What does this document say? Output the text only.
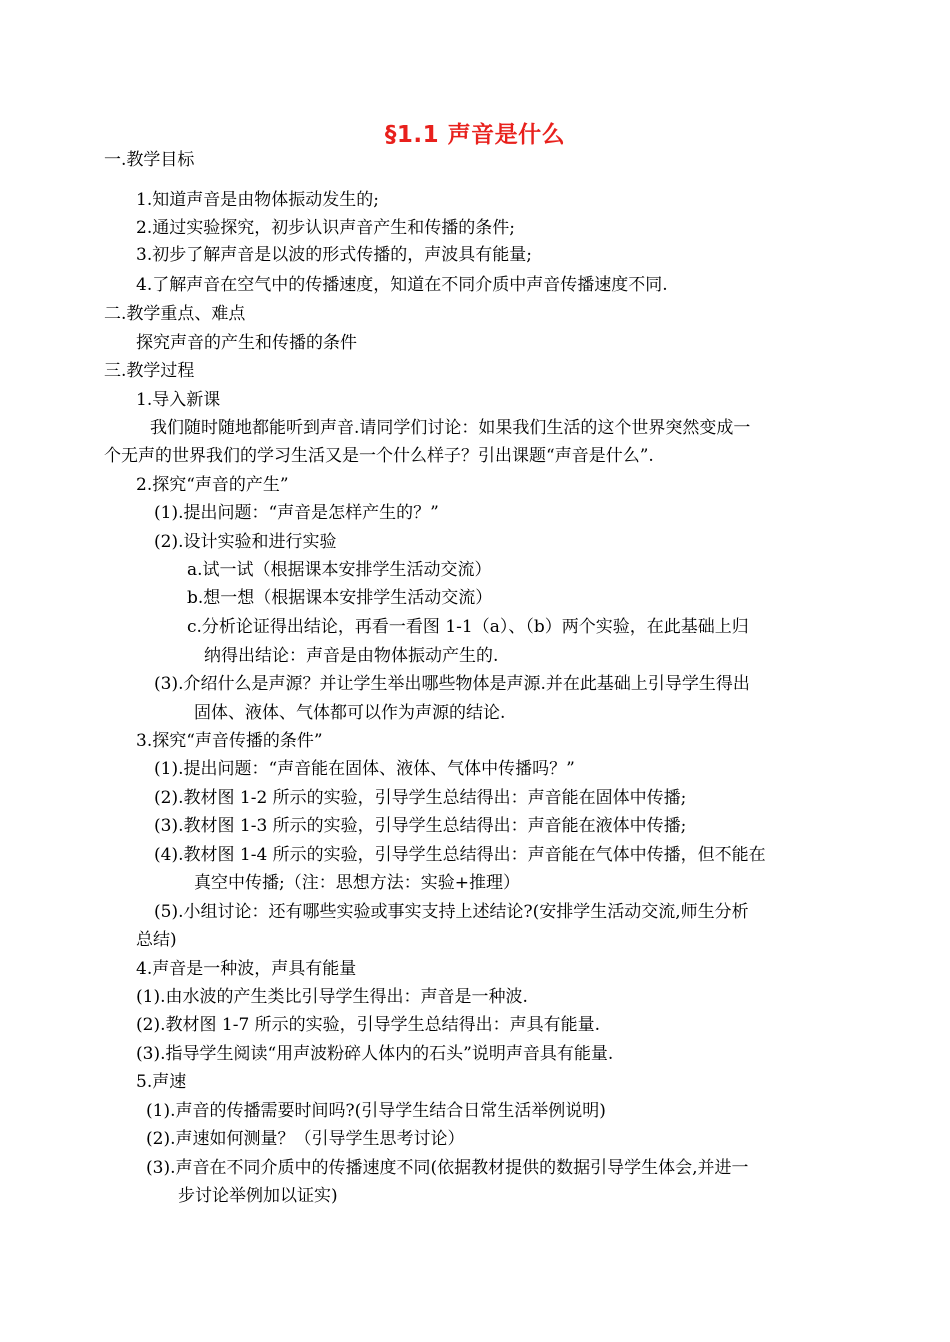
§1.1 声音是什么
一.教学目标
1.知道声音是由物体振动发生的;
2.通过实验探究，初步认识声音产生和传播的条件;
3.初步了解声音是以波的形式传播的，声波具有能量;
4.了解声音在空气中的传播速度，知道在不同介质中声音传播速度不同.
二.教学重点、难点
探究声音的产生和传播的条件
三.教学过程
1.导入新课
我们随时随地都能听到声音.请同学们讨论：如果我们生活的这个世界突然变成一
个无声的世界我们的学习生活又是一个什么样子？引出课题“声音是什么”.
2.探究“声音的产生”
(1).提出问题：“声音是怎样产生的？”
(2).设计实验和进行实验
a.试一试（根据课本安排学生活动交流）
b.想一想（根据课本安排学生活动交流）
c.分析论证得出结论，再看一看图 1-1（a）、（b）两个实验，在此基础上归
纳得出结论：声音是由物体振动产生的.
(3).介绍什么是声源？并让学生举出哪些物体是声源.并在此基础上引导学生得出
固体、液体、气体都可以作为声源的结论.
3.探究“声音传播的条件”
(1).提出问题：“声音能在固体、液体、气体中传播吗？”
(2).教材图 1-2 所示的实验，引导学生总结得出：声音能在固体中传播;
(3).教材图 1-3 所示的实验，引导学生总结得出：声音能在液体中传播;
(4).教材图 1-4 所示的实验，引导学生总结得出：声音能在气体中传播，但不能在
真空中传播;（注：思想方法：实验+推理）
(5).小组讨论：还有哪些实验或事实支持上述结论?(安排学生活动交流,师生分析
总结)
4.声音是一种波，声具有能量
(1).由水波的产生类比引导学生得出：声音是一种波.
(2).教材图 1-7 所示的实验，引导学生总结得出：声具有能量.
(3).指导学生阅读“用声波粉碎人体内的石头”说明声音具有能量.
5.声速
(1).声音的传播需要时间吗?(引导学生结合日常生活举例说明)
(2).声速如何测量？（引导学生思考讨论）
(3).声音在不同介质中的传播速度不同(依据教材提供的数据引导学生体会,并进一
步讨论举例加以证实)
